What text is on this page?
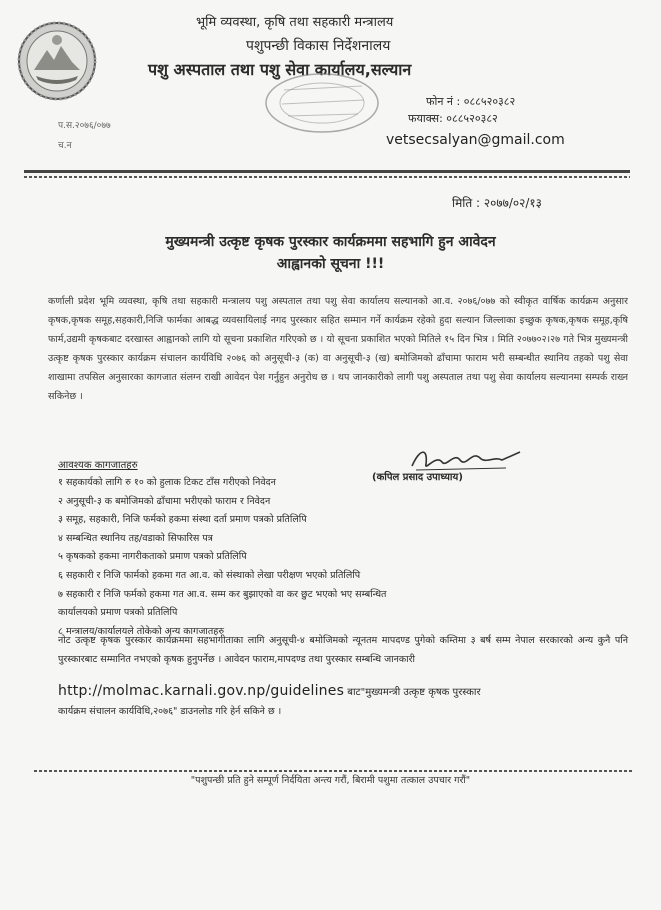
भूमि व्यवस्था, कृषि तथा सहकारी मन्त्रालय
पशुपन्छी विकास निर्देशनालय
पशु अस्पताल तथा पशु सेवा कार्यालय,सल्यान
प.स.२०७६/०७७
च.न
फोन नं : ०८८५२०३८२
फयाक्स: ०८८५२०३८२
vetsecsalyan@gmail.com
मिति : २०७७/०२/१३
मुख्यमन्त्री उत्कृष्ट कृषक पुरस्कार कार्यक्रममा सहभागि हुन आवेदन
आह्वानको सूचना !!!
कर्णाली प्रदेश भूमि व्यवस्था, कृषि तथा सहकारी मन्त्रालय पशु अस्पताल तथा पशु सेवा कार्यालय सल्यानको आ.व. २०७६/०७७ को स्वीकृत वार्षिक कार्यक्रम अनुसार कृषक,कृषक समूह,सहकारी,निजि फार्मका आबद्ध व्यवसायिलाई नगद पुरस्कार सहित सम्मान गर्ने कार्यक्रम रहेको हुदा सल्यान जिल्लाका इच्छुक कृषक,कृषक समूह,कृषि फार्म,उद्यमी कृषकबाट दरखास्त आह्वानको लागि यो सूचना प्रकाशित गरिएको छ । यो सूचना प्रकाशित भएको मितिले १५ दिन भित्र । मिति २०७७०२।२७ गते भित्र मुख्यमन्त्री उत्कृष्ट कृषक पुरस्कार कार्यक्रम संचालन कार्यविधि २०७६ को अनुसूची-३ (क) वा अनुसूची-३ (ख) बमोजिमको ढाँचामा फाराम भरी सम्बन्धीत स्थानिय तहको पशु सेवा शाखामा तपसिल अनुसारका कागजात संलग्न राखी आवेदन पेश गर्नुहुन अनुरोध छ । थप जानकारीको लागी पशु अस्पताल तथा पशु सेवा कार्यालय सल्यानमा सम्पर्क राख्न सकिनेछ ।
(कपिल प्रसाद उपाध्याय)
आवश्यक कागजातहरु
१ सहकार्यको लागि रु १० को हुलाक टिकट टाँस गरीएको निवेदन
२ अनुसूची-३ क बमोजिमको ढाँचामा भरीएको फाराम र निवेदन
३ समूह, सहकारी, निजि फर्मको हकमा संस्था दर्ता प्रमाण पत्रको प्रतिलिपि
४ सम्बन्धित स्थानिय तह/वडाको सिफारिस पत्र
५ कृषकको हकमा नागरीकताको प्रमाण पत्रको प्रतिलिपि
६ सहकारी र निजि फार्मको हकमा गत आ.व. को संस्थाको लेखा परीक्षण भएको प्रतिलिपि
७ सहकारी र निजि फर्मको हकमा गत आ.व. सम्म कर बुझाएको वा कर छुट भएको भए सम्बन्धित
कार्यालयको प्रमाण पत्रको प्रतिलिपि
८ मन्त्रालय/कार्यालयले तोकेको अन्य कागजातहरु
नोट उत्कृष्ट कृषक पुरस्कार कार्यक्रममा सहभागीताका लागि अनुसूची-४ बमोजिमको न्यूनतम मापदण्ड पुगेको कम्तिमा ३ बर्ष सम्म नेपाल सरकारको अन्य कुनै पनि पुरस्कारबाट सम्मानित नभएको कृषक हुनुपर्नेछ । आवेदन फाराम,मापदण्ड तथा पुरस्कार सम्बन्धि जानकारी
http://molmac.karnali.gov.np/guidelines बाट"मुख्यमन्त्री उत्कृष्ट कृषक पुरस्कार
कार्यक्रम संचालन कार्यविधि,२०७६" डाउनलोड गरि हेर्न सकिने छ ।
"पशुपन्छी प्रति हुने सम्पूर्ण निर्दयिता अन्त्य गरौं, बिरामी पशुमा तत्काल उपचार गरौं"
